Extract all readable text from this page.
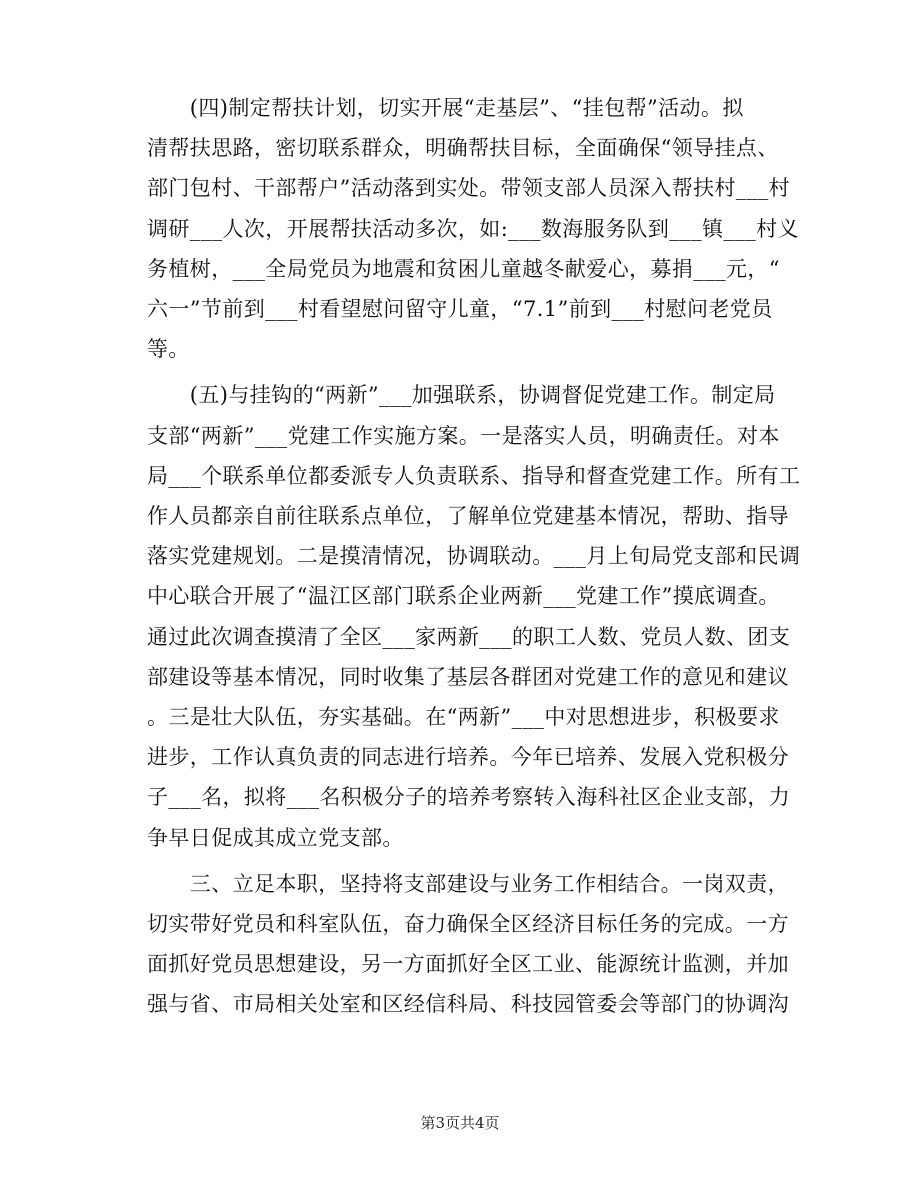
　　(四)制定帮扶计划，切实开展“走基层”、“挂包帮”活动。拟
清帮扶思路，密切联系群众，明确帮扶目标，全面确保“领导挂点、
部门包村、干部帮户”活动落到实处。带领支部人员深入帮扶村___村
调研___人次，开展帮扶活动多次，如:___数海服务队到___镇___村义
务植树，___全局党员为地震和贫困儿童越冬献爱心，募捐___元，“
六一”节前到___村看望慰问留守儿童，“7.1”前到___村慰问老党员
等。

　　(五)与挂钩的“两新”___加强联系，协调督促党建工作。制定局
支部“两新”___党建工作实施方案。一是落实人员，明确责任。对本
局___个联系单位都委派专人负责联系、指导和督查党建工作。所有工
作人员都亲自前往联系点单位，了解单位党建基本情况，帮助、指导
落实党建规划。二是摸清情况，协调联动。___月上旬局党支部和民调
中心联合开展了“温江区部门联系企业两新___党建工作”摸底调查。
通过此次调查摸清了全区___家两新___的职工人数、党员人数、团支
部建设等基本情况，同时收集了基层各群团对党建工作的意见和建议
。三是壮大队伍，夯实基础。在“两新”___中对思想进步，积极要求
进步，工作认真负责的同志进行培养。今年已培养、发展入党积极分
子___名，拟将___名积极分子的培养考察转入海科社区企业支部，力
争早日促成其成立党支部。

　　三、立足本职，坚持将支部建设与业务工作相结合。一岗双责，
切实带好党员和科室队伍，奋力确保全区经济目标任务的完成。一方
面抓好党员思想建设，另一方面抓好全区工业、能源统计监测，并加
强与省、市局相关处室和区经信科局、科技园管委会等部门的协调沟

第3页共4页
